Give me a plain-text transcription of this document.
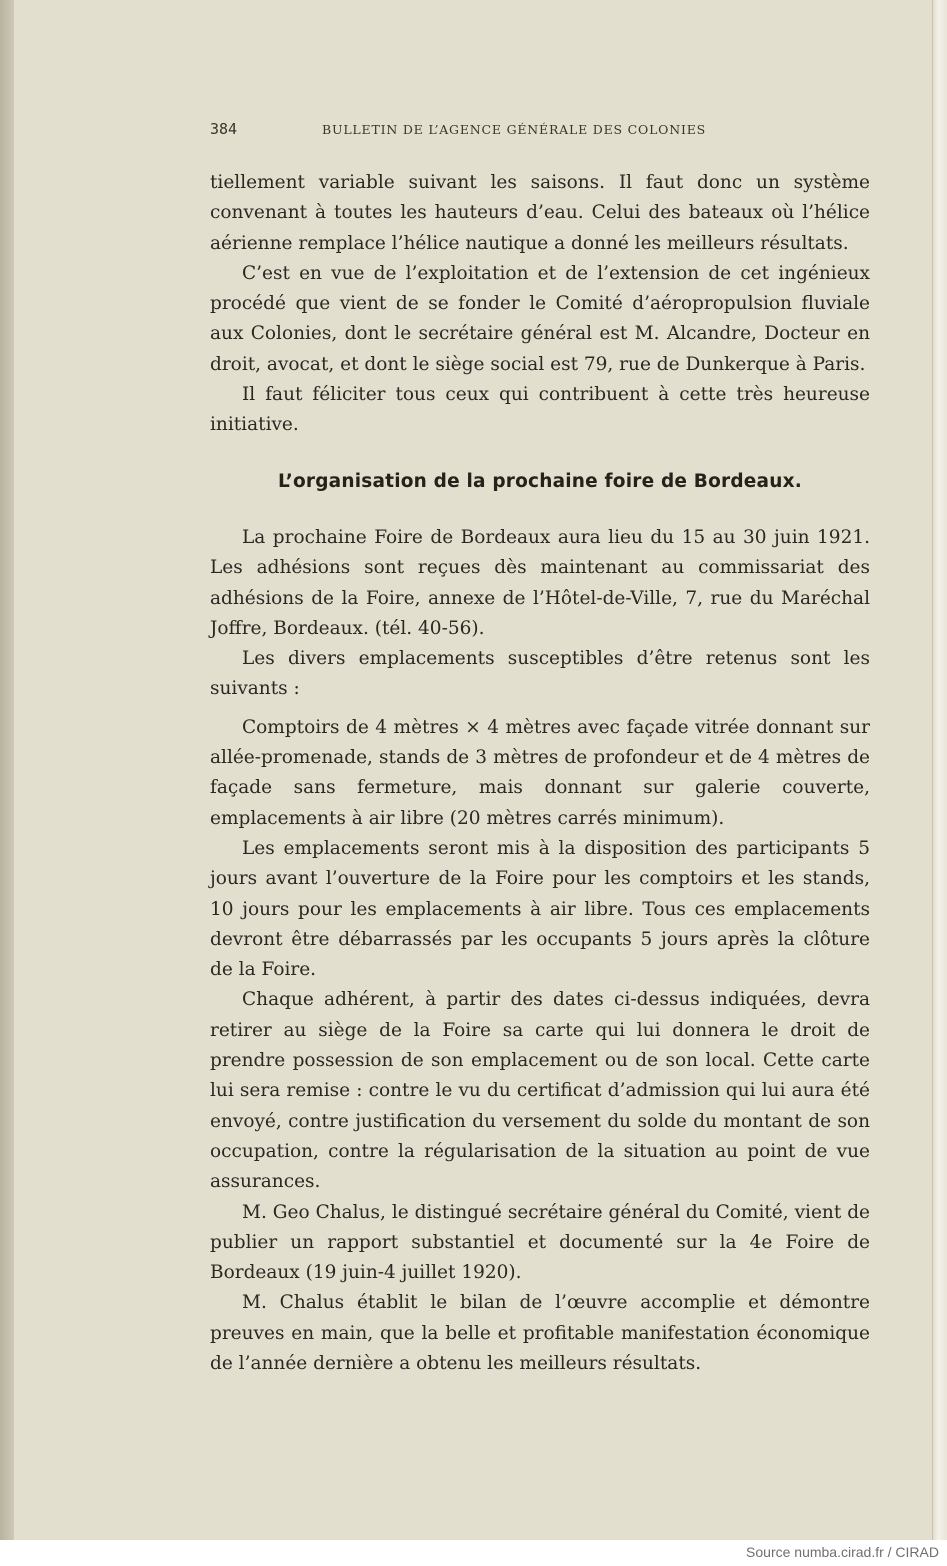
384	BULLETIN DE L’AGENCE GÉNÉRALE DES COLONIES

tiellement variable suivant les saisons. Il faut donc un système convenant à toutes les hauteurs d’eau. Celui des bateaux où l’hélice aérienne remplace l’hélice nautique a donné les meilleurs résultats.

C’est en vue de l’exploitation et de l’extension de cet ingénieux procédé que vient de se fonder le Comité d’aéropropulsion fluviale aux Colonies, dont le secrétaire général est M. Alcandre, Docteur en droit, avocat, et dont le siège social est 79, rue de Dunkerque à Paris.

Il faut féliciter tous ceux qui contribuent à cette très heureuse initiative.

L’organisation de la prochaine foire de Bordeaux.

La prochaine Foire de Bordeaux aura lieu du 15 au 30 juin 1921. Les adhésions sont reçues dès maintenant au commissariat des adhésions de la Foire, annexe de l’Hôtel-de-Ville, 7, rue du Maréchal Joffre, Bordeaux. (tél. 40-56).

Les divers emplacements susceptibles d’être retenus sont les suivants :

Comptoirs de 4 mètres × 4 mètres avec façade vitrée donnant sur allée-promenade, stands de 3 mètres de profondeur et de 4 mètres de façade sans fermeture, mais donnant sur galerie couverte, emplacements à air libre (20 mètres carrés minimum).

Les emplacements seront mis à la disposition des participants 5 jours avant l’ouverture de la Foire pour les comptoirs et les stands, 10 jours pour les emplacements à air libre. Tous ces emplacements devront être débarrassés par les occupants 5 jours après la clôture de la Foire.

Chaque adhérent, à partir des dates ci-dessus indiquées, devra retirer au siège de la Foire sa carte qui lui donnera le droit de prendre possession de son emplacement ou de son local. Cette carte lui sera remise : contre le vu du certificat d’admission qui lui aura été envoyé, contre justification du versement du solde du montant de son occupation, contre la régularisation de la situation au point de vue assurances.

M. Geo Chalus, le distingué secrétaire général du Comité, vient de publier un rapport substantiel et documenté sur la 4e Foire de Bordeaux (19 juin-4 juillet 1920).

M. Chalus établit le bilan de l’œuvre accomplie et démontre preuves en main, que la belle et profitable manifestation économique de l’année dernière a obtenu les meilleurs résultats.

Source numba.cirad.fr / CIRAD
